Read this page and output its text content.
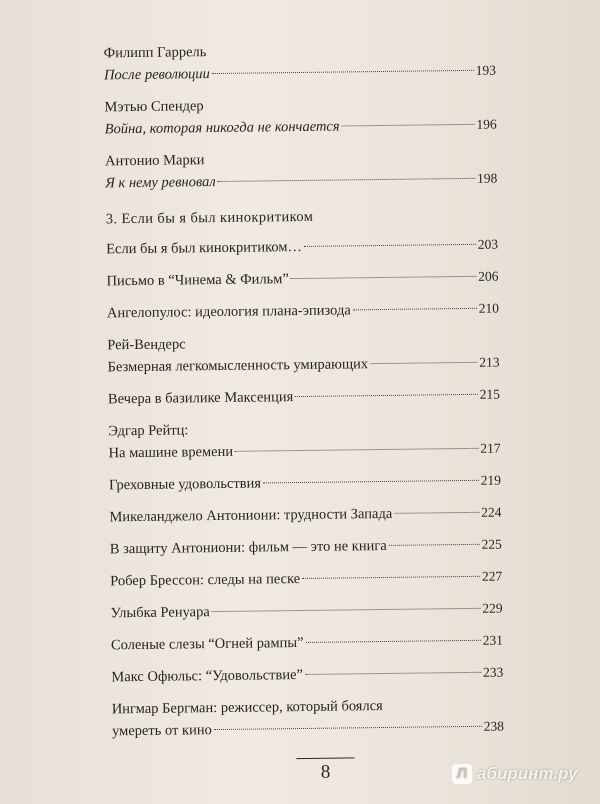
Филипп Гаррель
После революции	193
Мэтью Спендер
Война, которая никогда не кончается	196
Антонио Марки
Я к нему ревновал	198
3. Если бы я был кинокритиком
Если бы я был кинокритиком…	203
Письмо в “Чинема & Фильм”	206
Ангелопулос: идеология плана-эпизода	210
Рей-Вендерс
Безмерная легкомысленность умирающих	213
Вечера в базилике Максенция	215
Эдгар Рейтц:
На машине времени	217
Греховные удовольствия	219
Микеланджело Антониони: трудности Запада	224
В защиту Антониони: фильм — это не книга	225
Робер Брессон: следы на песке	227
Улыбка Ренуара	229
Соленые слезы “Огней рампы”	231
Макс Офюльс: “Удовольствие”	233
Ингмар Бергман: режиссер, который боялся
умереть от кино	238
8	Л абиринт.ру
